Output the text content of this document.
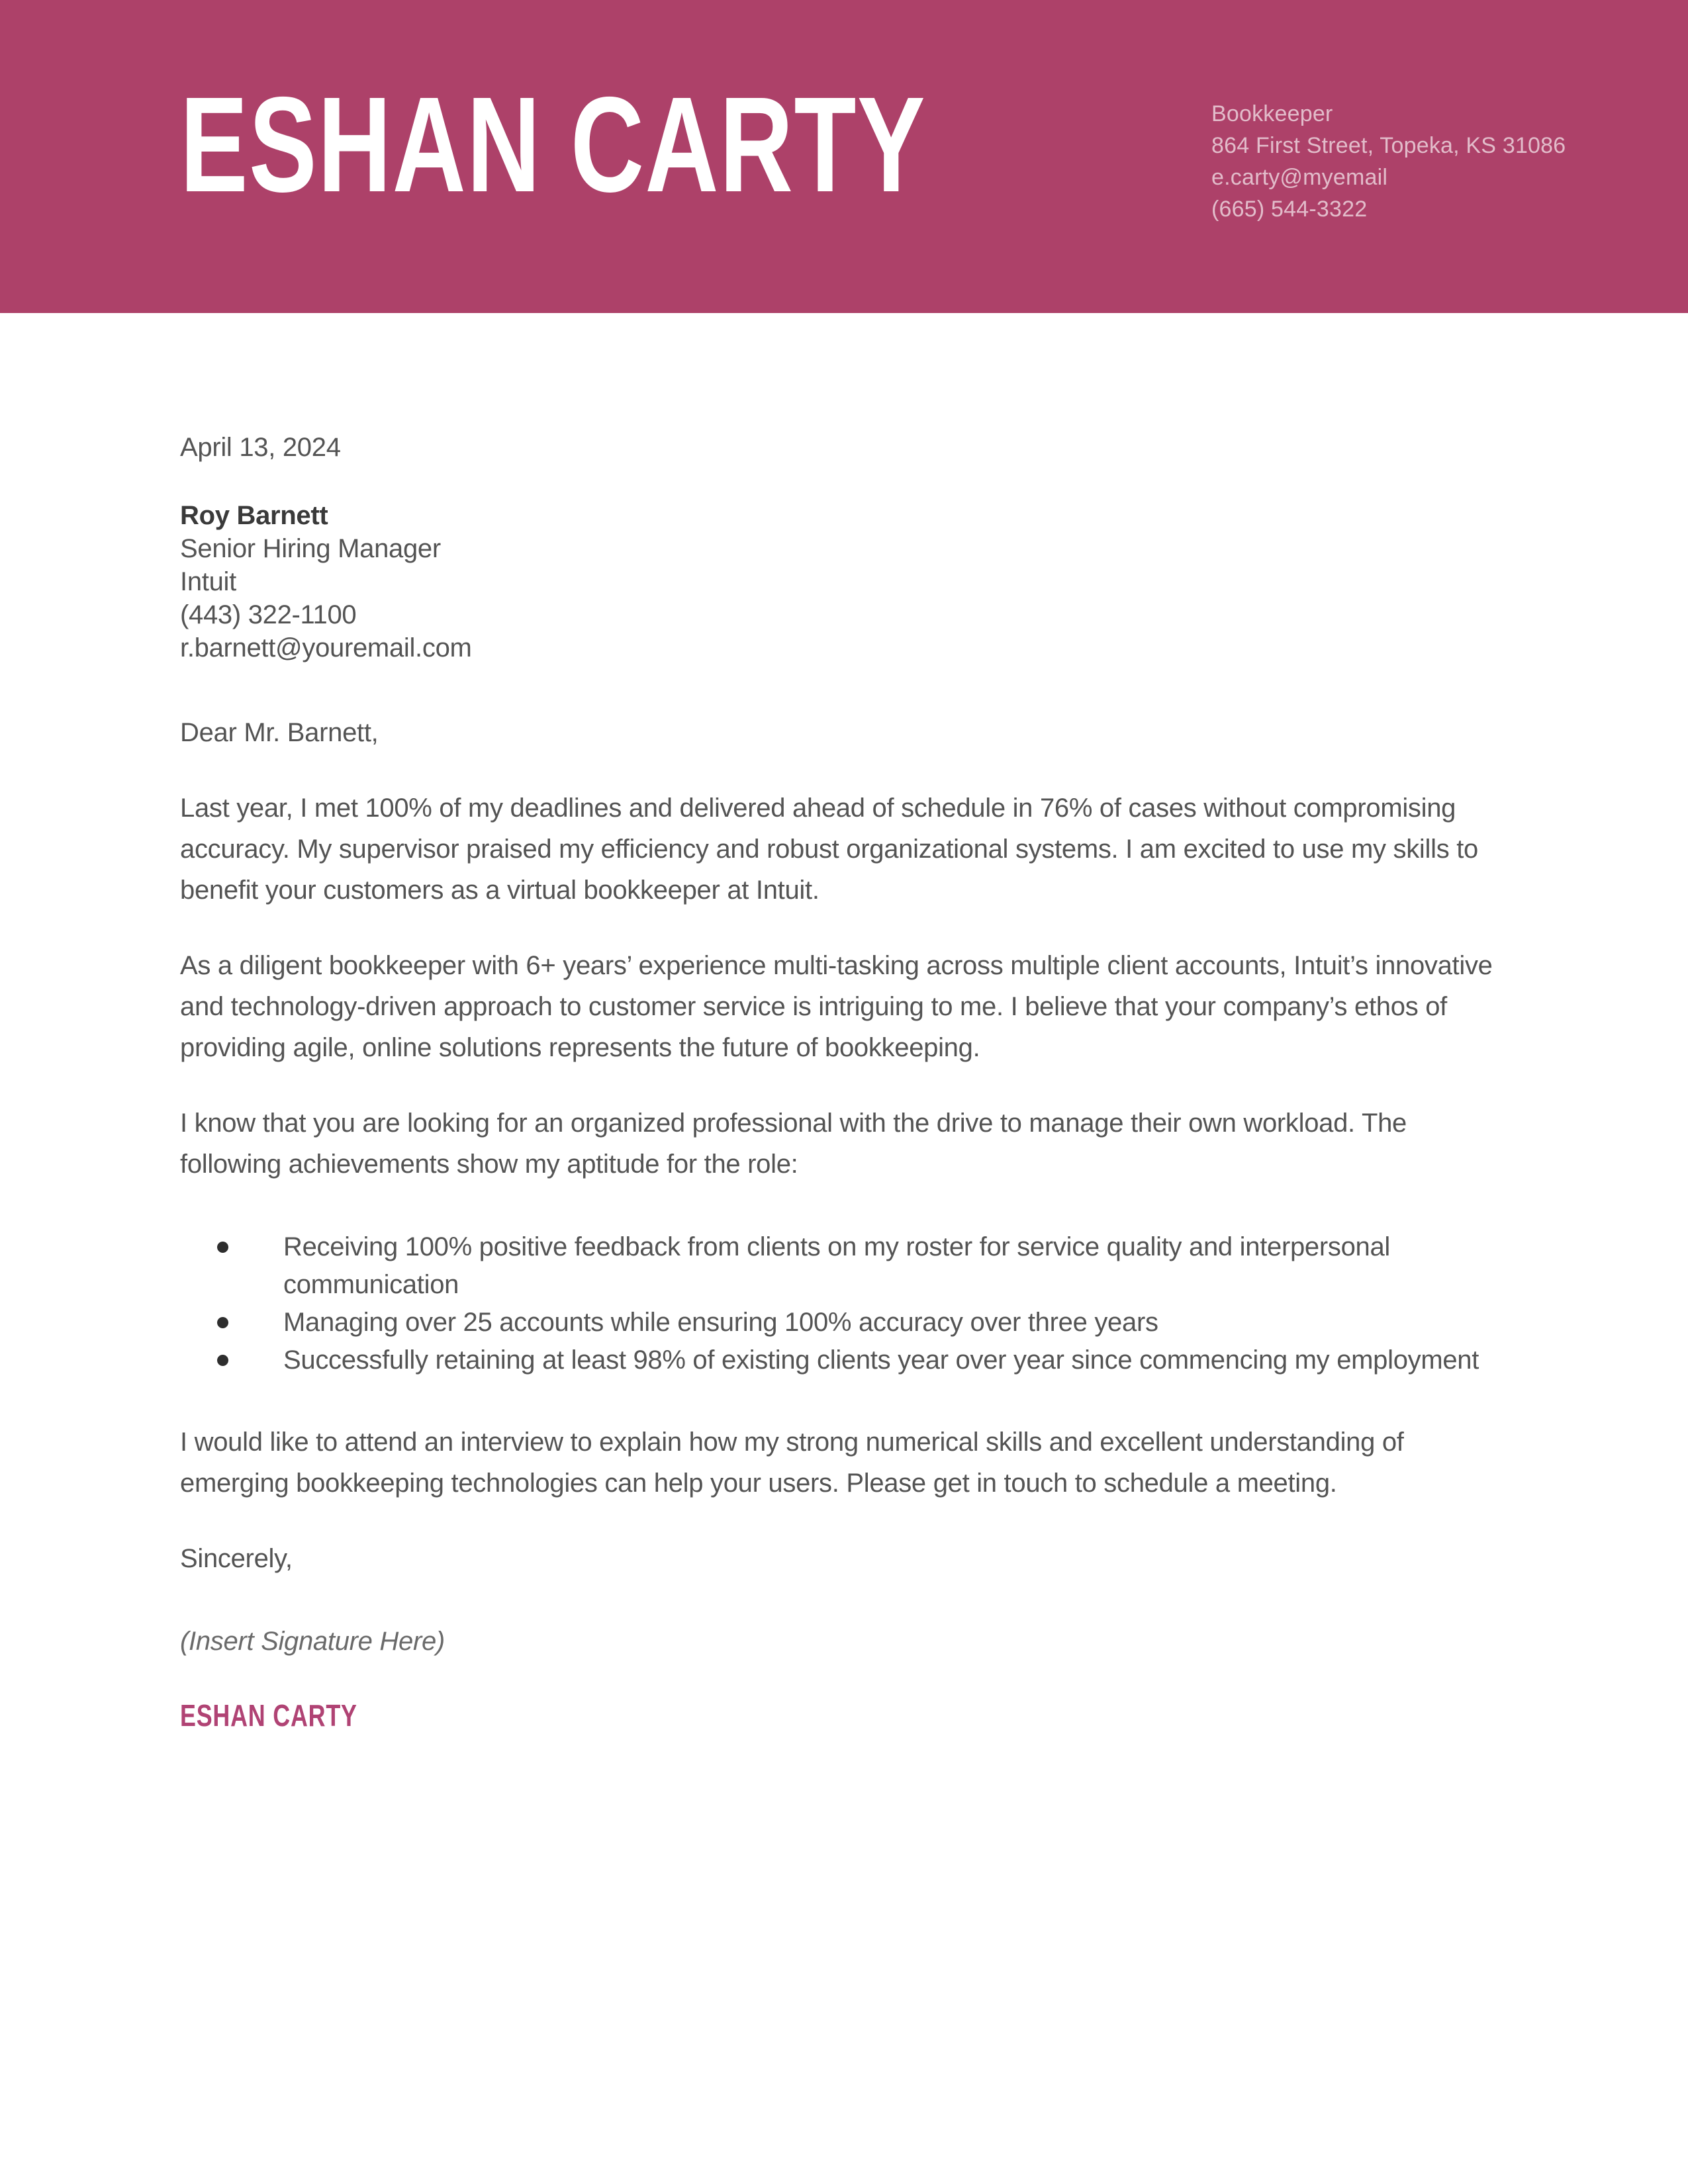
ESHAN CARTY	Bookkeeper
864 First Street, Topeka, KS 31086
e.carty@myemail
(665) 544-3322

April 13, 2024

Roy Barnett
Senior Hiring Manager
Intuit
(443) 322-1100
r.barnett@youremail.com

Dear Mr. Barnett,

Last year, I met 100% of my deadlines and delivered ahead of schedule in 76% of cases without compromising accuracy. My supervisor praised my efficiency and robust organizational systems. I am excited to use my skills to benefit your customers as a virtual bookkeeper at Intuit.

As a diligent bookkeeper with 6+ years’ experience multi-tasking across multiple client accounts, Intuit’s innovative and technology-driven approach to customer service is intriguing to me. I believe that your company’s ethos of providing agile, online solutions represents the future of bookkeeping.

I know that you are looking for an organized professional with the drive to manage their own workload. The following achievements show my aptitude for the role:

Receiving 100% positive feedback from clients on my roster for service quality and interpersonal communication
Managing over 25 accounts while ensuring 100% accuracy over three years
Successfully retaining at least 98% of existing clients year over year since commencing my employment

I would like to attend an interview to explain how my strong numerical skills and excellent understanding of emerging bookkeeping technologies can help your users. Please get in touch to schedule a meeting.

Sincerely,

(Insert Signature Here)

ESHAN CARTY
